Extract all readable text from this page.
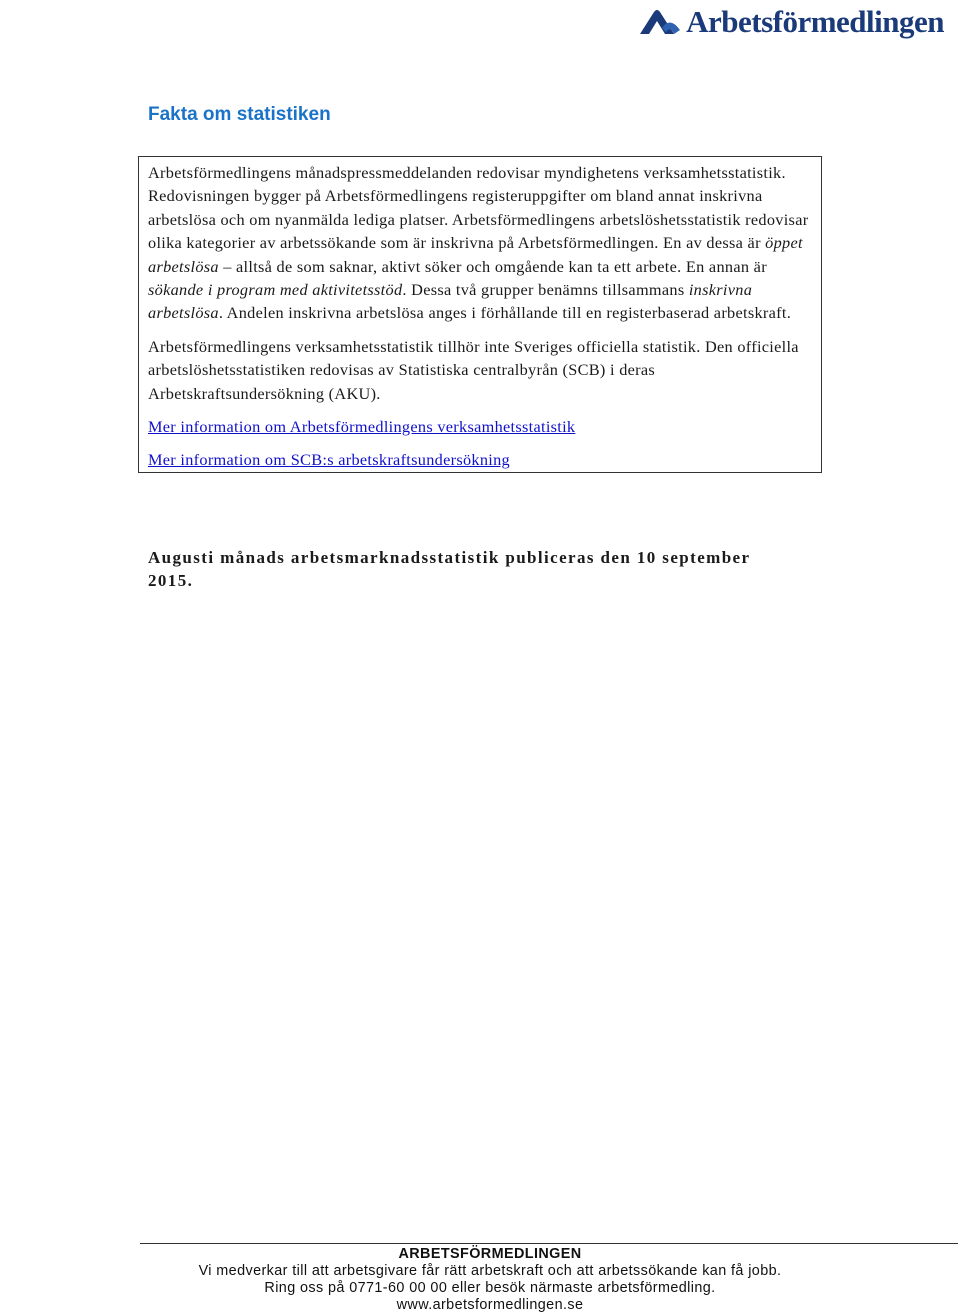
Arbetsförmedlingen
Fakta om statistiken

Arbetsförmedlingens månadspressmeddelanden redovisar myndighetens verksamhetsstatistik. Redovisningen bygger på Arbetsförmedlingens registeruppgifter om bland annat inskrivna arbetslösa och om nyanmälda lediga platser. Arbetsförmedlingens arbetslöshetsstatistik redovisar olika kategorier av arbetssökande som är inskrivna på Arbetsförmedlingen. En av dessa är öppet arbetslösa – alltså de som saknar, aktivt söker och omgående kan ta ett arbete. En annan är sökande i program med aktivitetsstöd. Dessa två grupper benämns tillsammans inskrivna arbetslösa. Andelen inskrivna arbetslösa anges i förhållande till en registerbaserad arbetskraft.

Arbetsförmedlingens verksamhetsstatistik tillhör inte Sveriges officiella statistik. Den officiella arbetslöshetsstatistiken redovisas av Statistiska centralbyrån (SCB) i deras Arbetskraftsundersökning (AKU).

Mer information om Arbetsförmedlingens verksamhetsstatistik
Mer information om SCB:s arbetskraftsundersökning

Augusti månads arbetsmarknadsstatistik publiceras den 10 september 2015.

ARBETSFÖRMEDLINGEN
Vi medverkar till att arbetsgivare får rätt arbetskraft och att arbetssökande kan få jobb.
Ring oss på 0771-60 00 00 eller besök närmaste arbetsförmedling.
www.arbetsformedlingen.se
